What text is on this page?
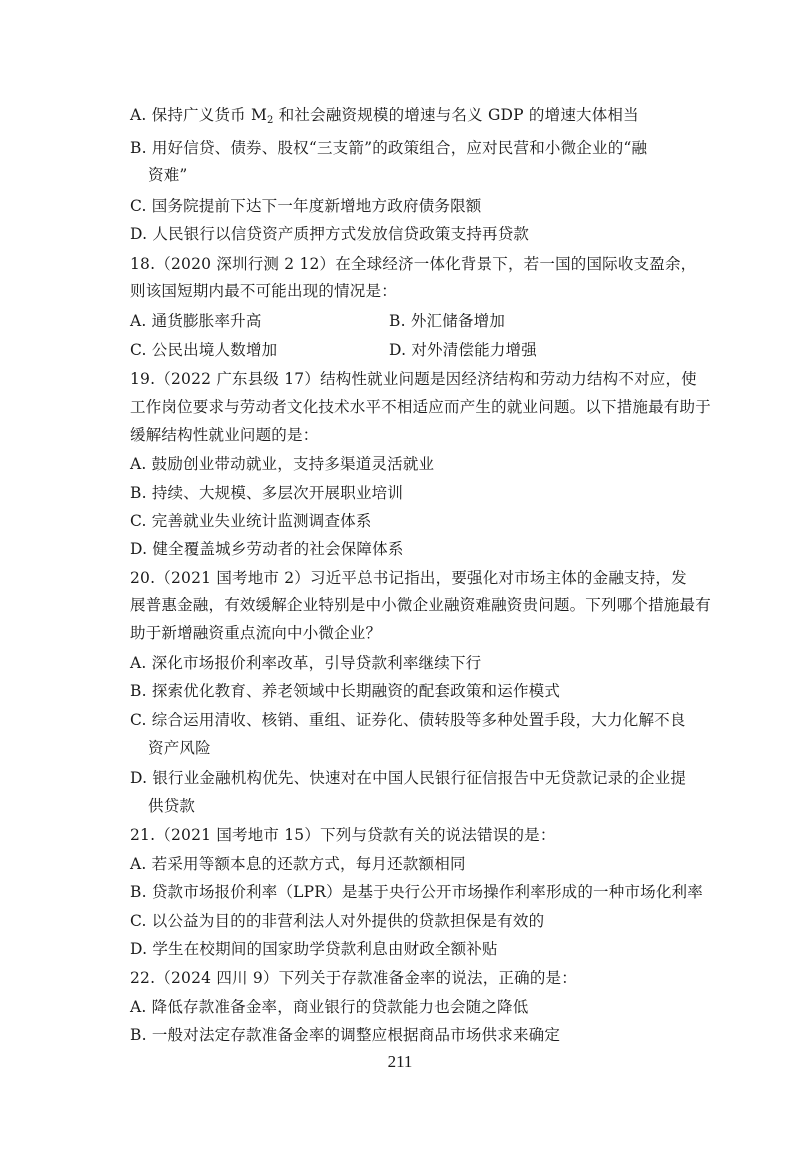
A. 保持广义货币 $M_2$ 和社会融资规模的增速与名义 GDP 的增速大体相当
B. 用好信贷、债券、股权“三支箭”的政策组合，应对民营和小微企业的“融
资难”
C. 国务院提前下达下一年度新增地方政府债务限额
D. 人民银行以信贷资产质押方式发放信贷政策支持再贷款
18.（2020 深圳行测 2 12）在全球经济一体化背景下，若一国的国际收支盈余，
则该国短期内最不可能出现的情况是：
A. 通货膨胀率升高	B. 外汇储备增加
C. 公民出境人数增加	D. 对外清偿能力增强
19.（2022 广东县级 17）结构性就业问题是因经济结构和劳动力结构不对应，使
工作岗位要求与劳动者文化技术水平不相适应而产生的就业问题。以下措施最有助于
缓解结构性就业问题的是：
A. 鼓励创业带动就业，支持多渠道灵活就业
B. 持续、大规模、多层次开展职业培训
C. 完善就业失业统计监测调查体系
D. 健全覆盖城乡劳动者的社会保障体系
20.（2021 国考地市 2）习近平总书记指出，要强化对市场主体的金融支持，发
展普惠金融，有效缓解企业特别是中小微企业融资难融资贵问题。下列哪个措施最有
助于新增融资重点流向中小微企业？
A. 深化市场报价利率改革，引导贷款利率继续下行
B. 探索优化教育、养老领域中长期融资的配套政策和运作模式
C. 综合运用清收、核销、重组、证券化、债转股等多种处置手段，大力化解不良
资产风险
D. 银行业金融机构优先、快速对在中国人民银行征信报告中无贷款记录的企业提
供贷款
21.（2021 国考地市 15）下列与贷款有关的说法错误的是：
A. 若采用等额本息的还款方式，每月还款额相同
B. 贷款市场报价利率（LPR）是基于央行公开市场操作利率形成的一种市场化利率
C. 以公益为目的的非营利法人对外提供的贷款担保是有效的
D. 学生在校期间的国家助学贷款利息由财政全额补贴
22.（2024 四川 9）下列关于存款准备金率的说法，正确的是：
A. 降低存款准备金率，商业银行的贷款能力也会随之降低
B. 一般对法定存款准备金率的调整应根据商品市场供求来确定
211
